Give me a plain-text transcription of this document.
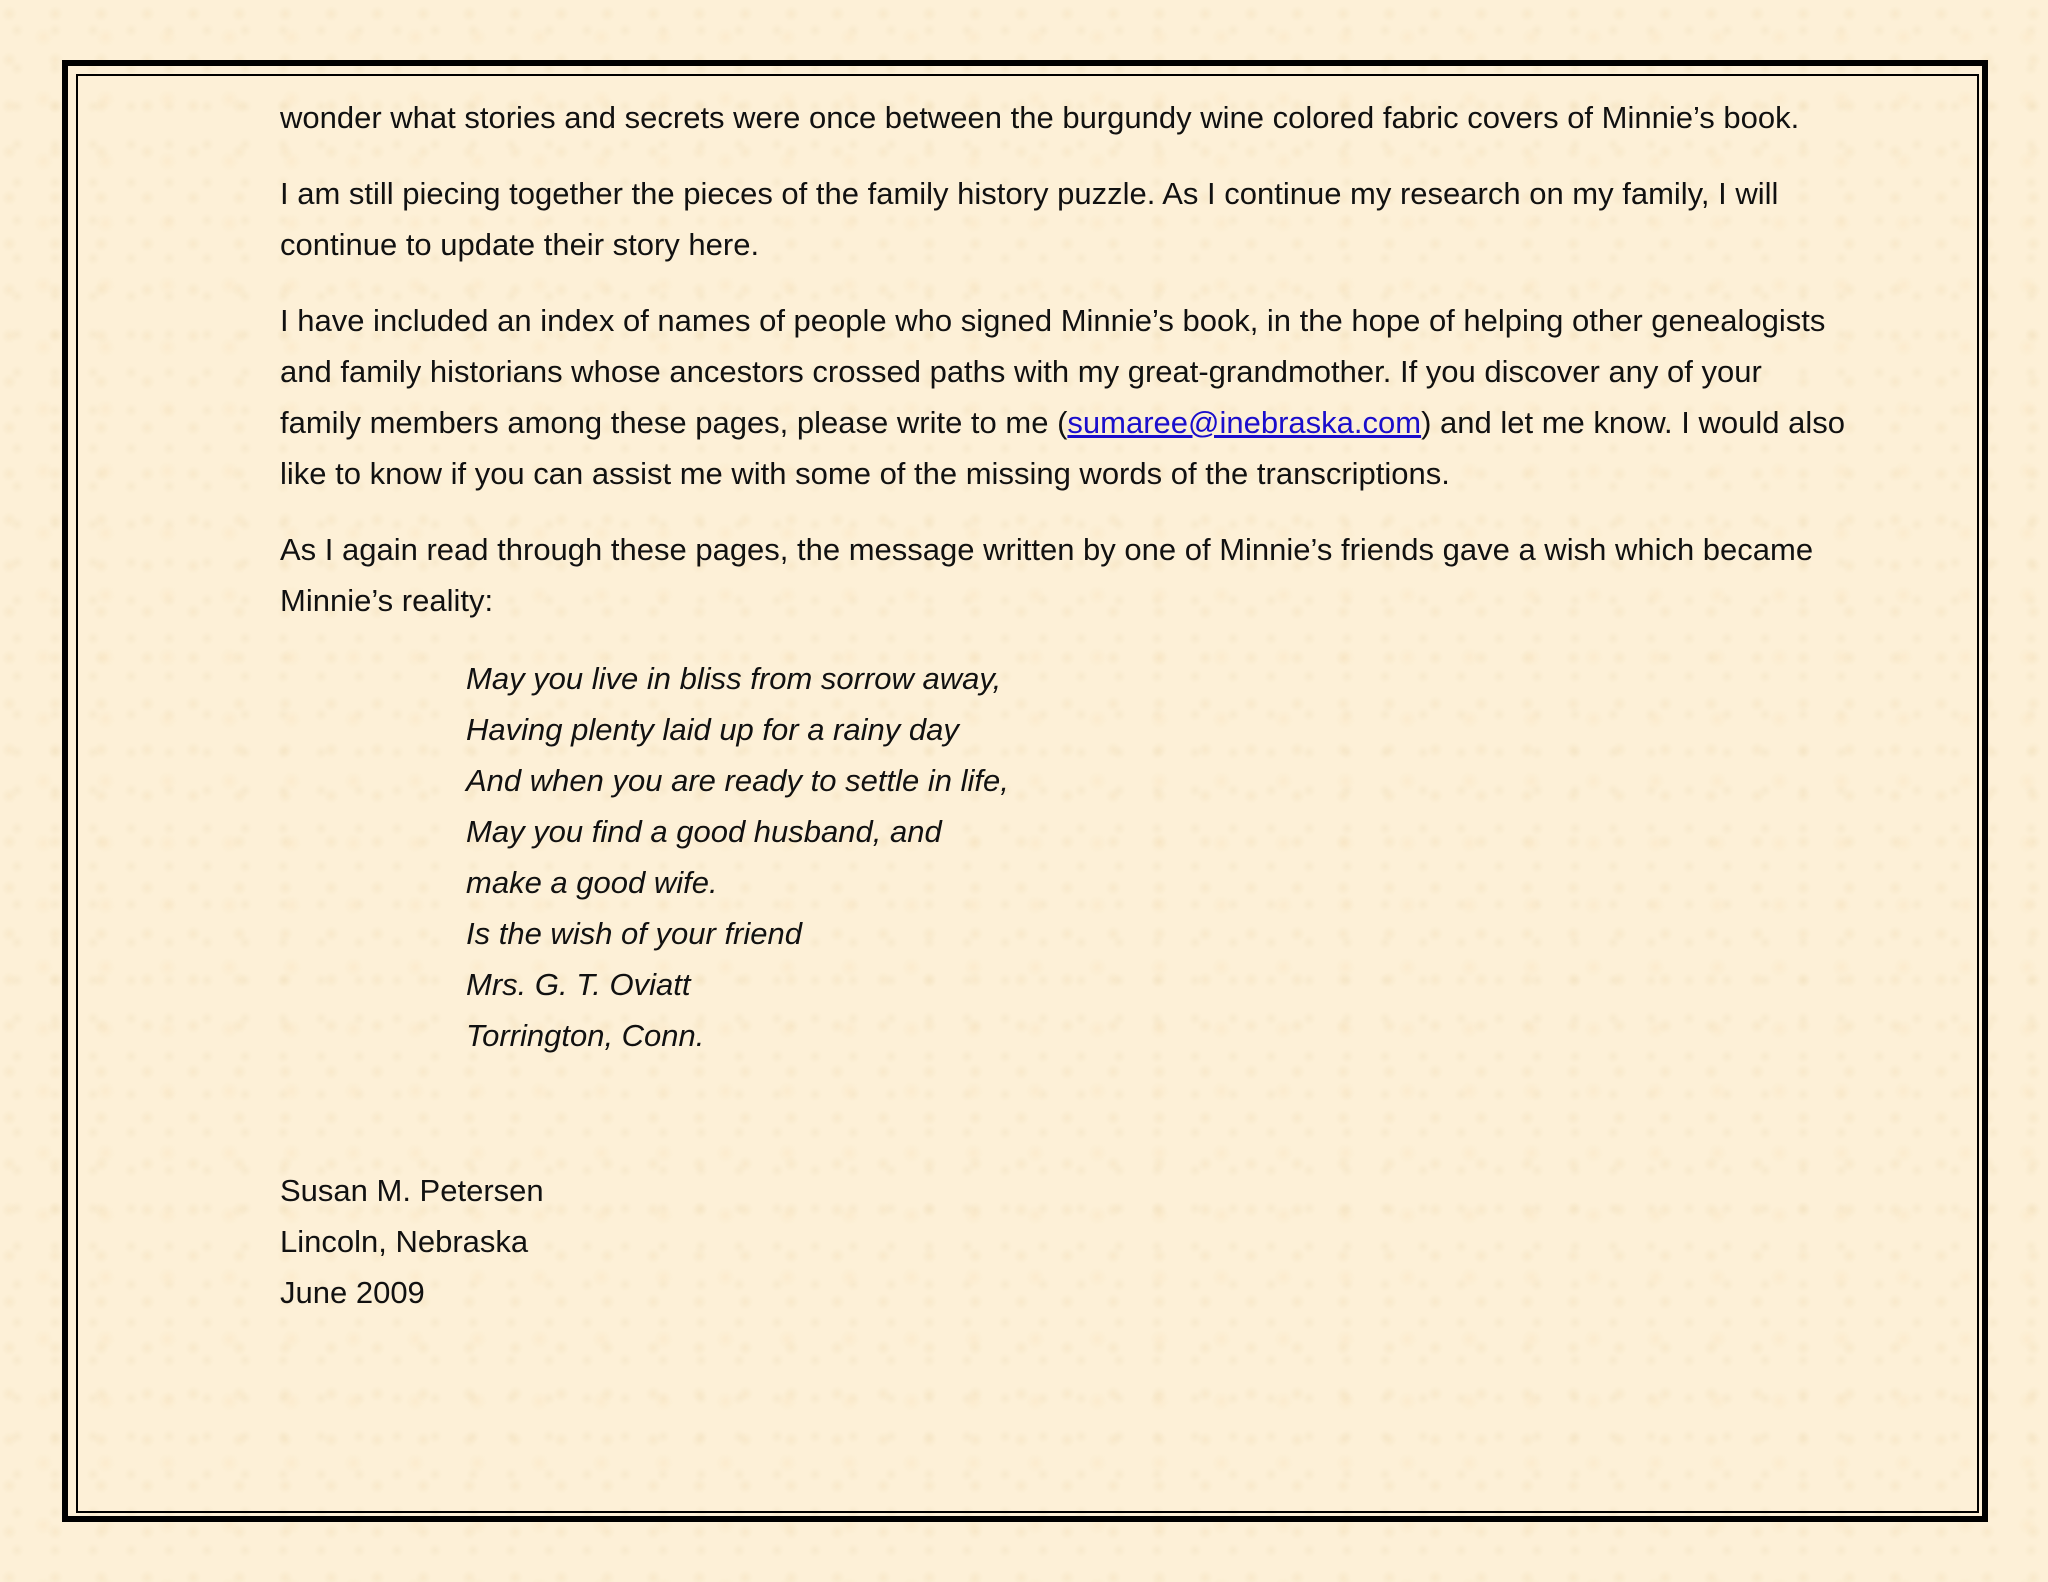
wonder what stories and secrets were once between the burgundy wine colored fabric covers of Minnie’s book.

I am still piecing together the pieces of the family history puzzle. As I continue my research on my family, I will continue to update their story here.

I have included an index of names of people who signed Minnie’s book, in the hope of helping other genealogists and family historians whose ancestors crossed paths with my great-grandmother. If you discover any of your family members among these pages, please write to me (sumaree@inebraska.com) and let me know. I would also like to know if you can assist me with some of the missing words of the transcriptions.

As I again read through these pages, the message written by one of Minnie’s friends gave a wish which became Minnie’s reality:

May you live in bliss from sorrow away,
Having plenty laid up for a rainy day
And when you are ready to settle in life,
May you find a good husband, and
make a good wife.
Is the wish of your friend
Mrs. G. T. Oviatt
Torrington, Conn.
Susan M. Petersen
Lincoln, Nebraska
June 2009
